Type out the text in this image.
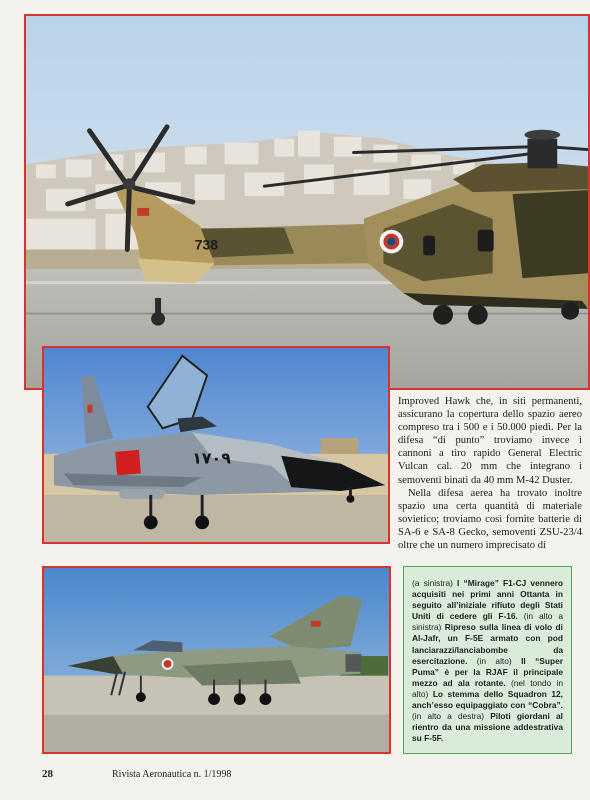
738
١٧٠٩

Improved Hawk che, in siti permanenti, assicurano la copertura dello spazio aereo compreso tra i 500 e i 50.000 piedi. Per la difesa “di punto” troviamo invece i cannoni a tiro rapido General Electric Vulcan cal. 20 mm che integrano i semoventi binati da 40 mm M-42 Duster.

Nella difesa aerea ha trovato inoltre spazio una certa quantità di materiale sovietico; troviamo così fornite batterie di SA-6 e SA-8 Gecko, semoventi ZSU-23/4 oltre che un numero imprecisato di

(a sinistra) I “Mirage” F1-CJ vennero acquisiti nei primi anni Ottanta in seguito all’iniziale rifiuto degli Stati Uniti di cedere gli F-16. (in alto a sinistra) Ripreso sulla linea di volo di Al-Jafr, un F-5E armato con pod lanciarazzi/lanciabombe da esercitazione. (in alto) Il “Super Puma” è per la RJAF il principale mezzo ad ala rotante. (nel tondo in alto) Lo stemma dello Squadron 12, anch’esso equipaggiato con “Cobra”. (in alto a destra) Piloti giordani al rientro da una missione addestrativa su F-5F.
28	Rivista Aeronautica n. 1/1998
